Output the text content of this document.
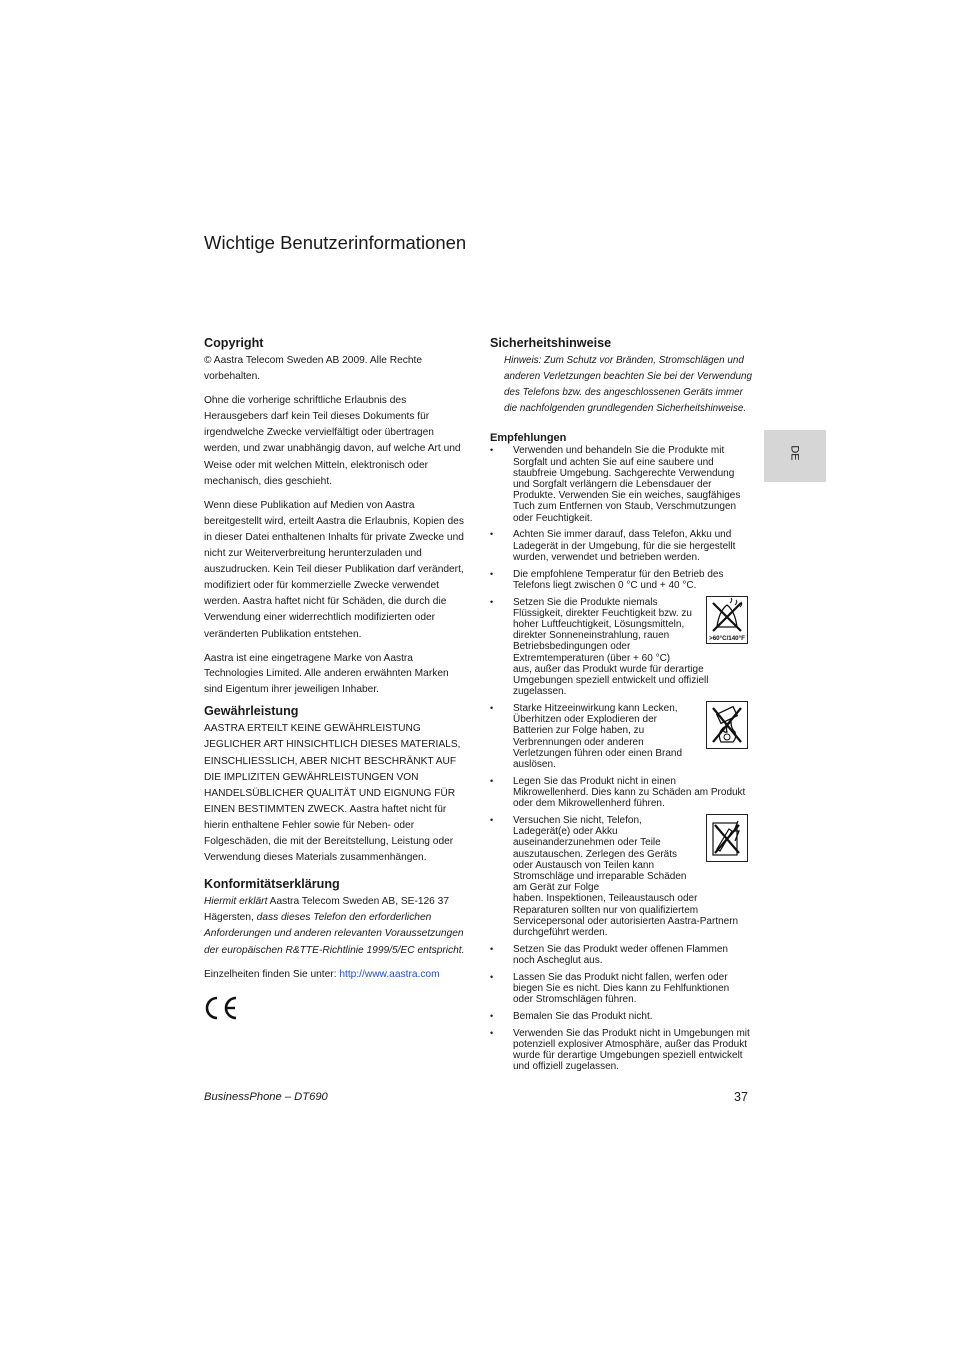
Wichtige Benutzerinformationen
Copyright

© Aastra Telecom Sweden AB 2009. Alle Rechte vorbehalten.

Ohne die vorherige schriftliche Erlaubnis des Herausgebers darf kein Teil dieses Dokuments für irgendwelche Zwecke vervielfältigt oder übertragen werden, und zwar unabhängig davon, auf welche Art und Weise oder mit welchen Mitteln, elektronisch oder mechanisch, dies geschieht.

Wenn diese Publikation auf Medien von Aastra bereitgestellt wird, erteilt Aastra die Erlaubnis, Kopien des in dieser Datei enthaltenen Inhalts für private Zwecke und nicht zur Weiterverbreitung herunterzuladen und auszudrucken. Kein Teil dieser Publikation darf verändert, modifiziert oder für kommerzielle Zwecke verwendet werden. Aastra haftet nicht für Schäden, die durch die Verwendung einer widerrechtlich modifizierten oder veränderten Publikation entstehen.

Aastra ist eine eingetragene Marke von Aastra Technologies Limited. Alle anderen erwähnten Marken sind Eigentum ihrer jeweiligen Inhaber.

Gewährleistung

AASTRA ERTEILT KEINE GEWÄHRLEISTUNG JEGLICHER ART HINSICHTLICH DIESES MATERIALS, EINSCHLIESSLICH, ABER NICHT BESCHRÄNKT AUF DIE IMPLIZITEN GEWÄHRLEISTUNGEN VON HANDELSÜBLICHER QUALITÄT UND EIGNUNG FÜR EINEN BESTIMMTEN ZWECK. Aastra haftet nicht für hierin enthaltene Fehler sowie für Neben- oder Folgeschäden, die mit der Bereitstellung, Leistung oder Verwendung dieses Materials zusammenhängen.

Konformitätserklärung

Hiermit erklärt Aastra Telecom Sweden AB, SE-126 37 Hägersten, dass dieses Telefon den erforderlichen Anforderungen und anderen relevanten Voraussetzungen der europäischen R&TTE-Richtlinie 1999/5/EC entspricht.

Einzelheiten finden Sie unter: http://www.aastra.com

Sicherheitshinweise

Hinweis: Zum Schutz vor Bränden, Stromschlägen und anderen Verletzungen beachten Sie bei der Verwendung des Telefons bzw. des angeschlossenen Geräts immer die nachfolgenden grundlegenden Sicherheitshinweise.

Empfehlungen
• Verwenden und behandeln Sie die Produkte mit Sorgfalt und achten Sie auf eine saubere und staubfreie Umgebung. Sachgerechte Verwendung und Sorgfalt verlängern die Lebensdauer der Produkte. Verwenden Sie ein weiches, saugfähiges Tuch zum Entfernen von Staub, Verschmutzungen oder Feuchtigkeit.
• Achten Sie immer darauf, dass Telefon, Akku und Ladegerät in der Umgebung, für die sie hergestellt wurden, verwendet und betrieben werden.
• Die empfohlene Temperatur für den Betrieb des Telefons liegt zwischen 0 °C und + 40 °C.
• Setzen Sie die Produkte niemals Flüssigkeit, direkter Feuchtigkeit bzw. zu hoher Luftfeuchtigkeit, Lösungsmitteln, direkter Sonneneinstrahlung, rauen Betriebsbedingungen oder Extremtemperaturen (über + 60 °C)
aus, außer das Produkt wurde für derartige Umgebungen speziell entwickelt und offiziell zugelassen.
>60°C/140°F
• Starke Hitzeeinwirkung kann Lecken, Überhitzen oder Explodieren der Batterien zur Folge haben, zu Verbrennungen oder anderen Verletzungen führen oder einen Brand auslösen.
• Legen Sie das Produkt nicht in einen Mikrowellenherd. Dies kann zu Schäden am Produkt oder dem Mikrowellenherd führen.
• Versuchen Sie nicht, Telefon, Ladegerät(e) oder Akku auseinanderzunehmen oder Teile auszutauschen. Zerlegen des Geräts oder Austausch von Teilen kann Stromschläge und irreparable Schäden am Gerät zur Folge
haben. Inspektionen, Teileaustausch oder Reparaturen sollten nur von qualifiziertem Servicepersonal oder autorisierten Aastra-Partnern durchgeführt werden.
• Setzen Sie das Produkt weder offenen Flammen noch Ascheglut aus.
• Lassen Sie das Produkt nicht fallen, werfen oder biegen Sie es nicht. Dies kann zu Fehlfunktionen oder Stromschlägen führen.
• Bemalen Sie das Produkt nicht.
• Verwenden Sie das Produkt nicht in Umgebungen mit potenziell explosiver Atmosphäre, außer das Produkt wurde für derartige Umgebungen speziell entwickelt und offiziell zugelassen.
DE
BusinessPhone – DT690	37
